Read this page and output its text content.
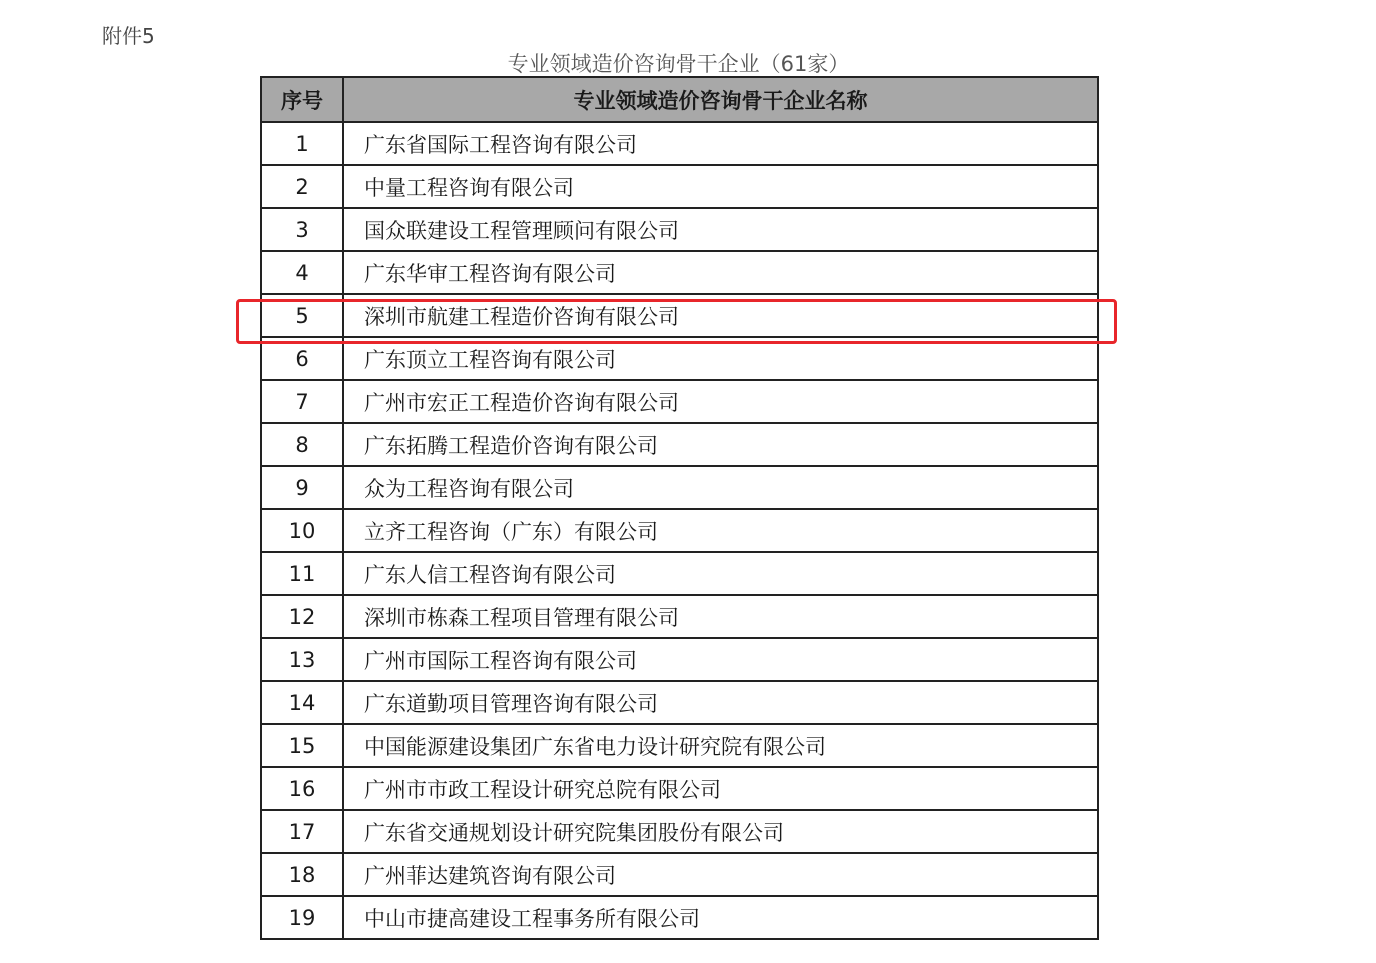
附件5
专业领域造价咨询骨干企业（61家）
序号	专业领域造价咨询骨干企业名称
1	广东省国际工程咨询有限公司
2	中量工程咨询有限公司
3	国众联建设工程管理顾问有限公司
4	广东华审工程咨询有限公司
5	深圳市航建工程造价咨询有限公司
6	广东顶立工程咨询有限公司
7	广州市宏正工程造价咨询有限公司
8	广东拓腾工程造价咨询有限公司
9	众为工程咨询有限公司
10	立齐工程咨询（广东）有限公司
11	广东人信工程咨询有限公司
12	深圳市栋森工程项目管理有限公司
13	广州市国际工程咨询有限公司
14	广东道勤项目管理咨询有限公司
15	中国能源建设集团广东省电力设计研究院有限公司
16	广州市市政工程设计研究总院有限公司
17	广东省交通规划设计研究院集团股份有限公司
18	广州菲达建筑咨询有限公司
19	中山市捷高建设工程事务所有限公司
